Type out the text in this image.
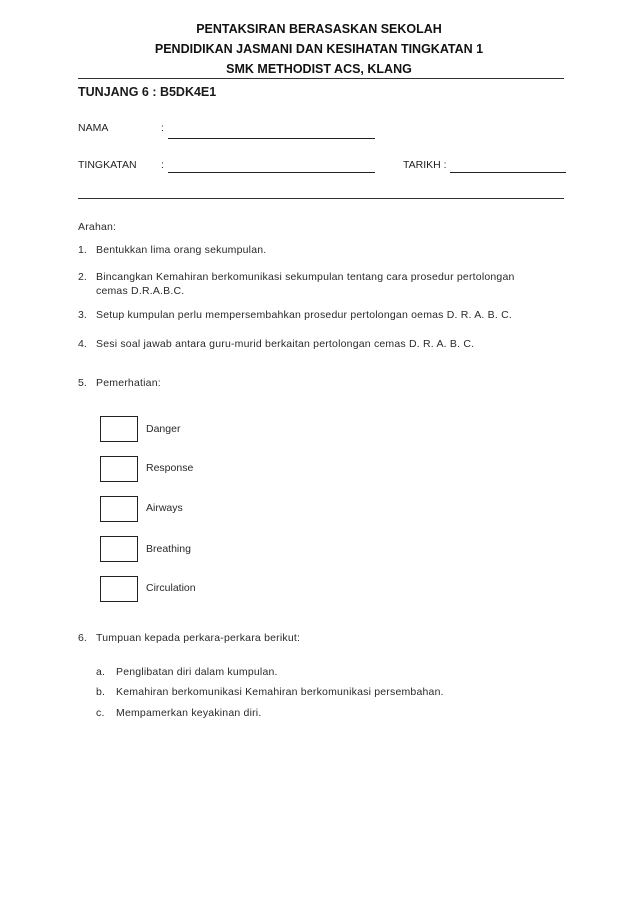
PENTAKSIRAN BERASASKAN SEKOLAH
PENDIDIKAN JASMANI DAN KESIHATAN TINGKATAN 1
SMK METHODIST ACS, KLANG
TUNJANG 6 : B5DK4E1
NAMA	:
TINGKATAN :	TARIKH :
Arahan:
1. Bentukkan lima orang sekumpulan.
2. Bincangkan Kemahiran berkomunikasi sekumpulan tentang cara prosedur pertolongan
cemas D.R.A.B.C.
3. Setup kumpulan perlu mempersembahkan prosedur pertolongan oemas D. R. A. B. C.
4. Sesi soal jawab antara guru-murid berkaitan pertolongan cemas D. R. A. B. C.
5. Pemerhatian:
Danger
Response
Airways
Breathing
Circulation
6. Tumpuan kepada perkara-perkara berikut:
a. Penglibatan diri dalam kumpulan.
b. Kemahiran berkomunikasi Kemahiran berkomunikasi persembahan.
c. Mempamerkan keyakinan diri.
